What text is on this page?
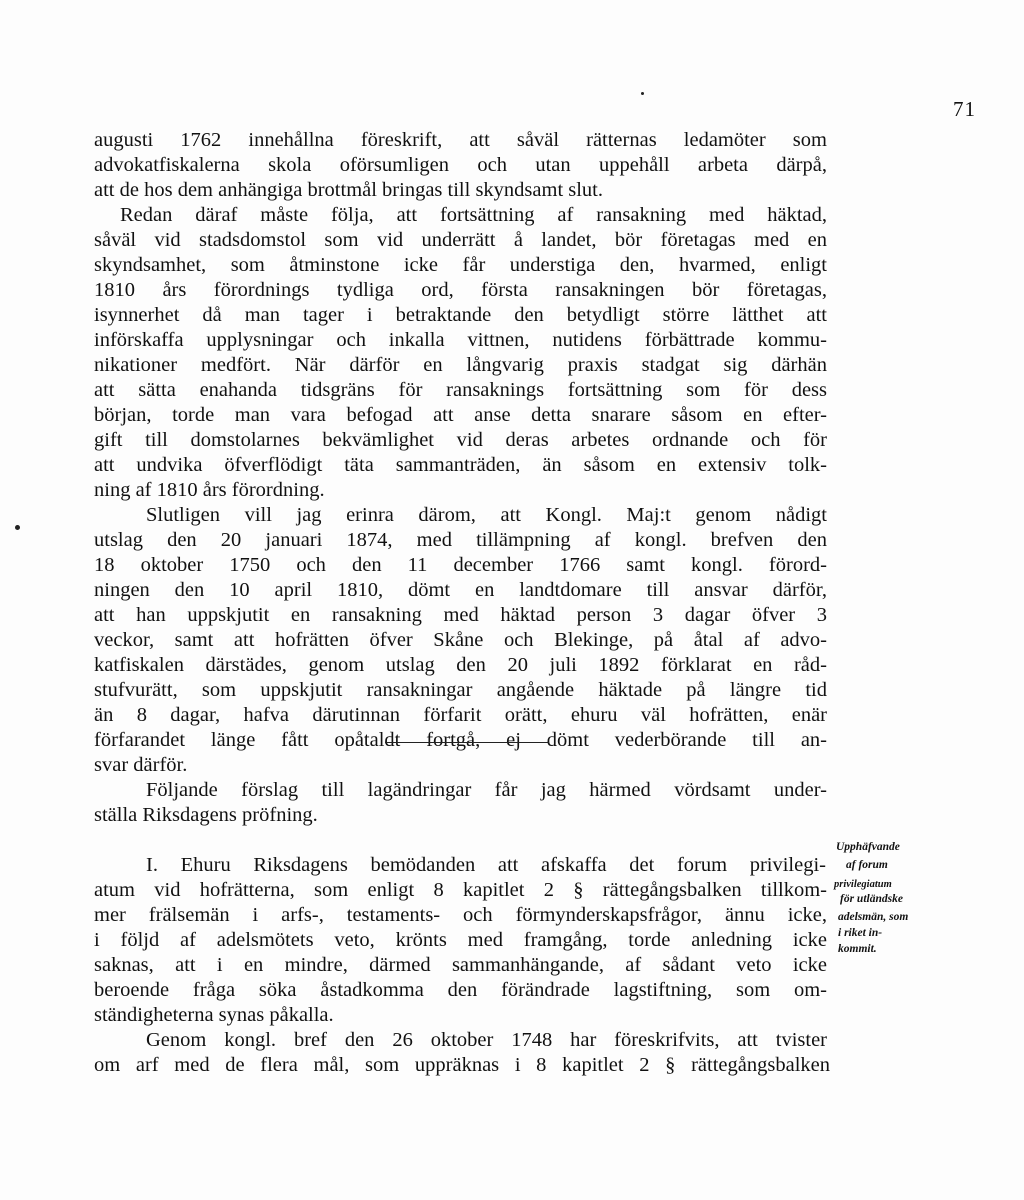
71
augusti 1762 innehållna föreskrift, att såväl rätternas ledamöter som
advokatfiskalerna skola oförsumligen och utan uppehåll arbeta därpå,
att de hos dem anhängiga brottmål bringas till skyndsamt slut.
Redan däraf måste följa, att fortsättning af ransakning med häktad,
såväl vid stadsdomstol som vid underrätt å landet, bör företagas med en
skyndsamhet, som åtminstone icke får understiga den, hvarmed, enligt
1810 års förordnings tydliga ord, första ransakningen bör företagas,
isynnerhet då man tager i betraktande den betydligt större lätthet att
införskaffa upplysningar och inkalla vittnen, nutidens förbättrade kommu-
nikationer medfört. När därför en långvarig praxis stadgat sig därhän
att sätta enahanda tidsgräns för ransaknings fortsättning som för dess
början, torde man vara befogad att anse detta snarare såsom en efter-
gift till domstolarnes bekvämlighet vid deras arbetes ordnande och för
att undvika öfverflödigt täta sammanträden, än såsom en extensiv tolk-
ning af 1810 års förordning.
Slutligen vill jag erinra därom, att Kongl. Maj:t genom nådigt
utslag den 20 januari 1874, med tillämpning af kongl. brefven den
18 oktober 1750 och den 11 december 1766 samt kongl. förord-
ningen den 10 april 1810, dömt en landtdomare till ansvar därför,
att han uppskjutit en ransakning med häktad person 3 dagar öfver 3
veckor, samt att hofrätten öfver Skåne och Blekinge, på åtal af advo-
katfiskalen därstädes, genom utslag den 20 juli 1892 förklarat en råd-
stufvurätt, som uppskjutit ransakningar angående häktade på längre tid
än 8 dagar, hafva därutinnan förfarit orätt, ehuru väl hofrätten, enär
förfarandet länge fått opåtaldt fortgå, ej dömt vederbörande till an-
svar därför.
Följande förslag till lagändringar får jag härmed vördsamt under-
ställa Riksdagens pröfning.
I. Ehuru Riksdagens bemödanden att afskaffa det forum privilegi-
atum vid hofrätterna, som enligt 8 kapitlet 2 § rättegångsbalken tillkom-
mer frälsemän i arfs-, testaments- och förmynderskapsfrågor, ännu icke,
i följd af adelsmötets veto, krönts med framgång, torde anledning icke
saknas, att i en mindre, därmed sammanhängande, af sådant veto icke
beroende fråga söka åstadkomma den förändrade lagstiftning, som om-
ständigheterna synas påkalla.
Genom kongl. bref den 26 oktober 1748 har föreskrifvits, att tvister
om arf med de flera mål, som uppräknas i 8 kapitlet 2 § rättegångsbalken
Upphäfvande
af forum
privilegiatum
för utländske
adelsmän, som
i riket in-
kommit.
